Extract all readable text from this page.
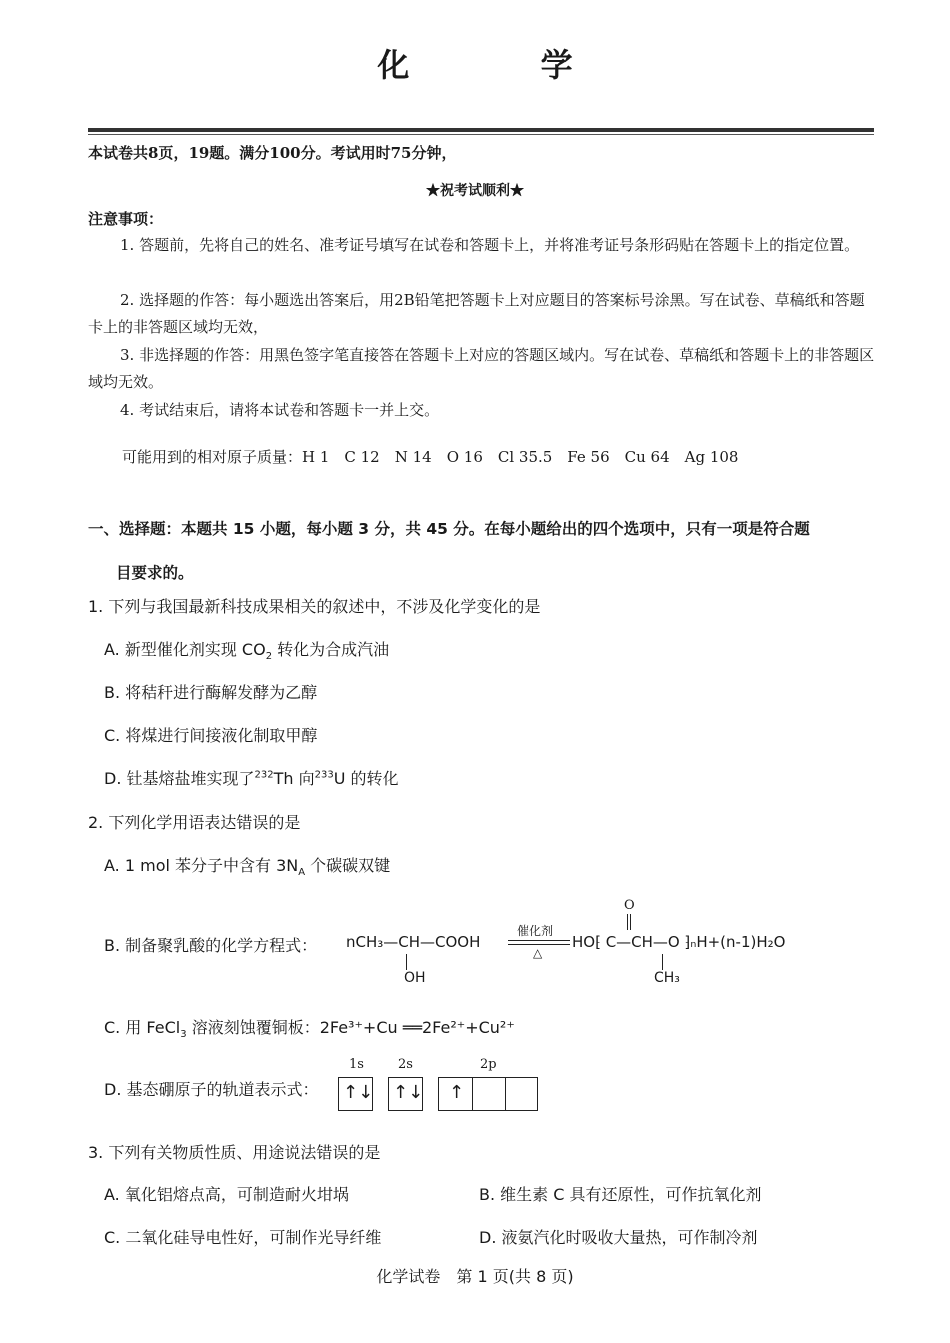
化 学
本试卷共8页，19题。满分100分。考试用时75分钟，
★祝考试顺利★
注意事项：
1. 答题前，先将自己的姓名、准考证号填写在试卷和答题卡上，并将准考证号条形码贴在答题卡上的指定位置。
2. 选择题的作答：每小题选出答案后，用2B铅笔把答题卡上对应题目的答案标号涂黑。写在试卷、草稿纸和答题卡上的非答题区域均无效，
3. 非选择题的作答：用黑色签字笔直接答在答题卡上对应的答题区域内。写在试卷、草稿纸和答题卡上的非答题区域均无效。
4. 考试结束后，请将本试卷和答题卡一并上交。
可能用到的相对原子质量：H 1　C 12　N 14　O 16　Cl 35.5　Fe 56　Cu 64　Ag 108
一、选择题：本题共 15 小题，每小题 3 分，共 45 分。在每小题给出的四个选项中，只有一项是符合题
目要求的。
1. 下列与我国最新科技成果相关的叙述中，不涉及化学变化的是
A. 新型催化剂实现 $CO_2$ 转化为合成汽油
B. 将秸秆进行酶解发酵为乙醇
C. 将煤进行间接液化制取甲醇
D. 钍基熔盐堆实现了$^{232}$Th 向$^{233}$U 的转化
2. 下列化学用语表达错误的是
A. 1 mol 苯分子中含有 $3N_A$ 个碳碳双键
B. 制备聚乳酸的化学方程式： nCH₃—CH—COOH
OH
催化剂
△
O
HO⁅ C—CH—O ⁆ₙH+(n-1)H₂O
CH₃
C. 用 FeCl$_3$ 溶液刻蚀覆铜板：2Fe³⁺+Cu ══2Fe²⁺+Cu²⁺
D. 基态硼原子的轨道表示式：
1s	2s	2p
↑↓ ↑↓ ↑
3. 下列有关物质性质、用途说法错误的是
A. 氧化铝熔点高，可制造耐火坩埚	B. 维生素 C 具有还原性，可作抗氧化剂
C. 二氧化硅导电性好，可制作光导纤维	D. 液氨汽化时吸收大量热，可作制冷剂
化学试卷　第 1 页(共 8 页)
